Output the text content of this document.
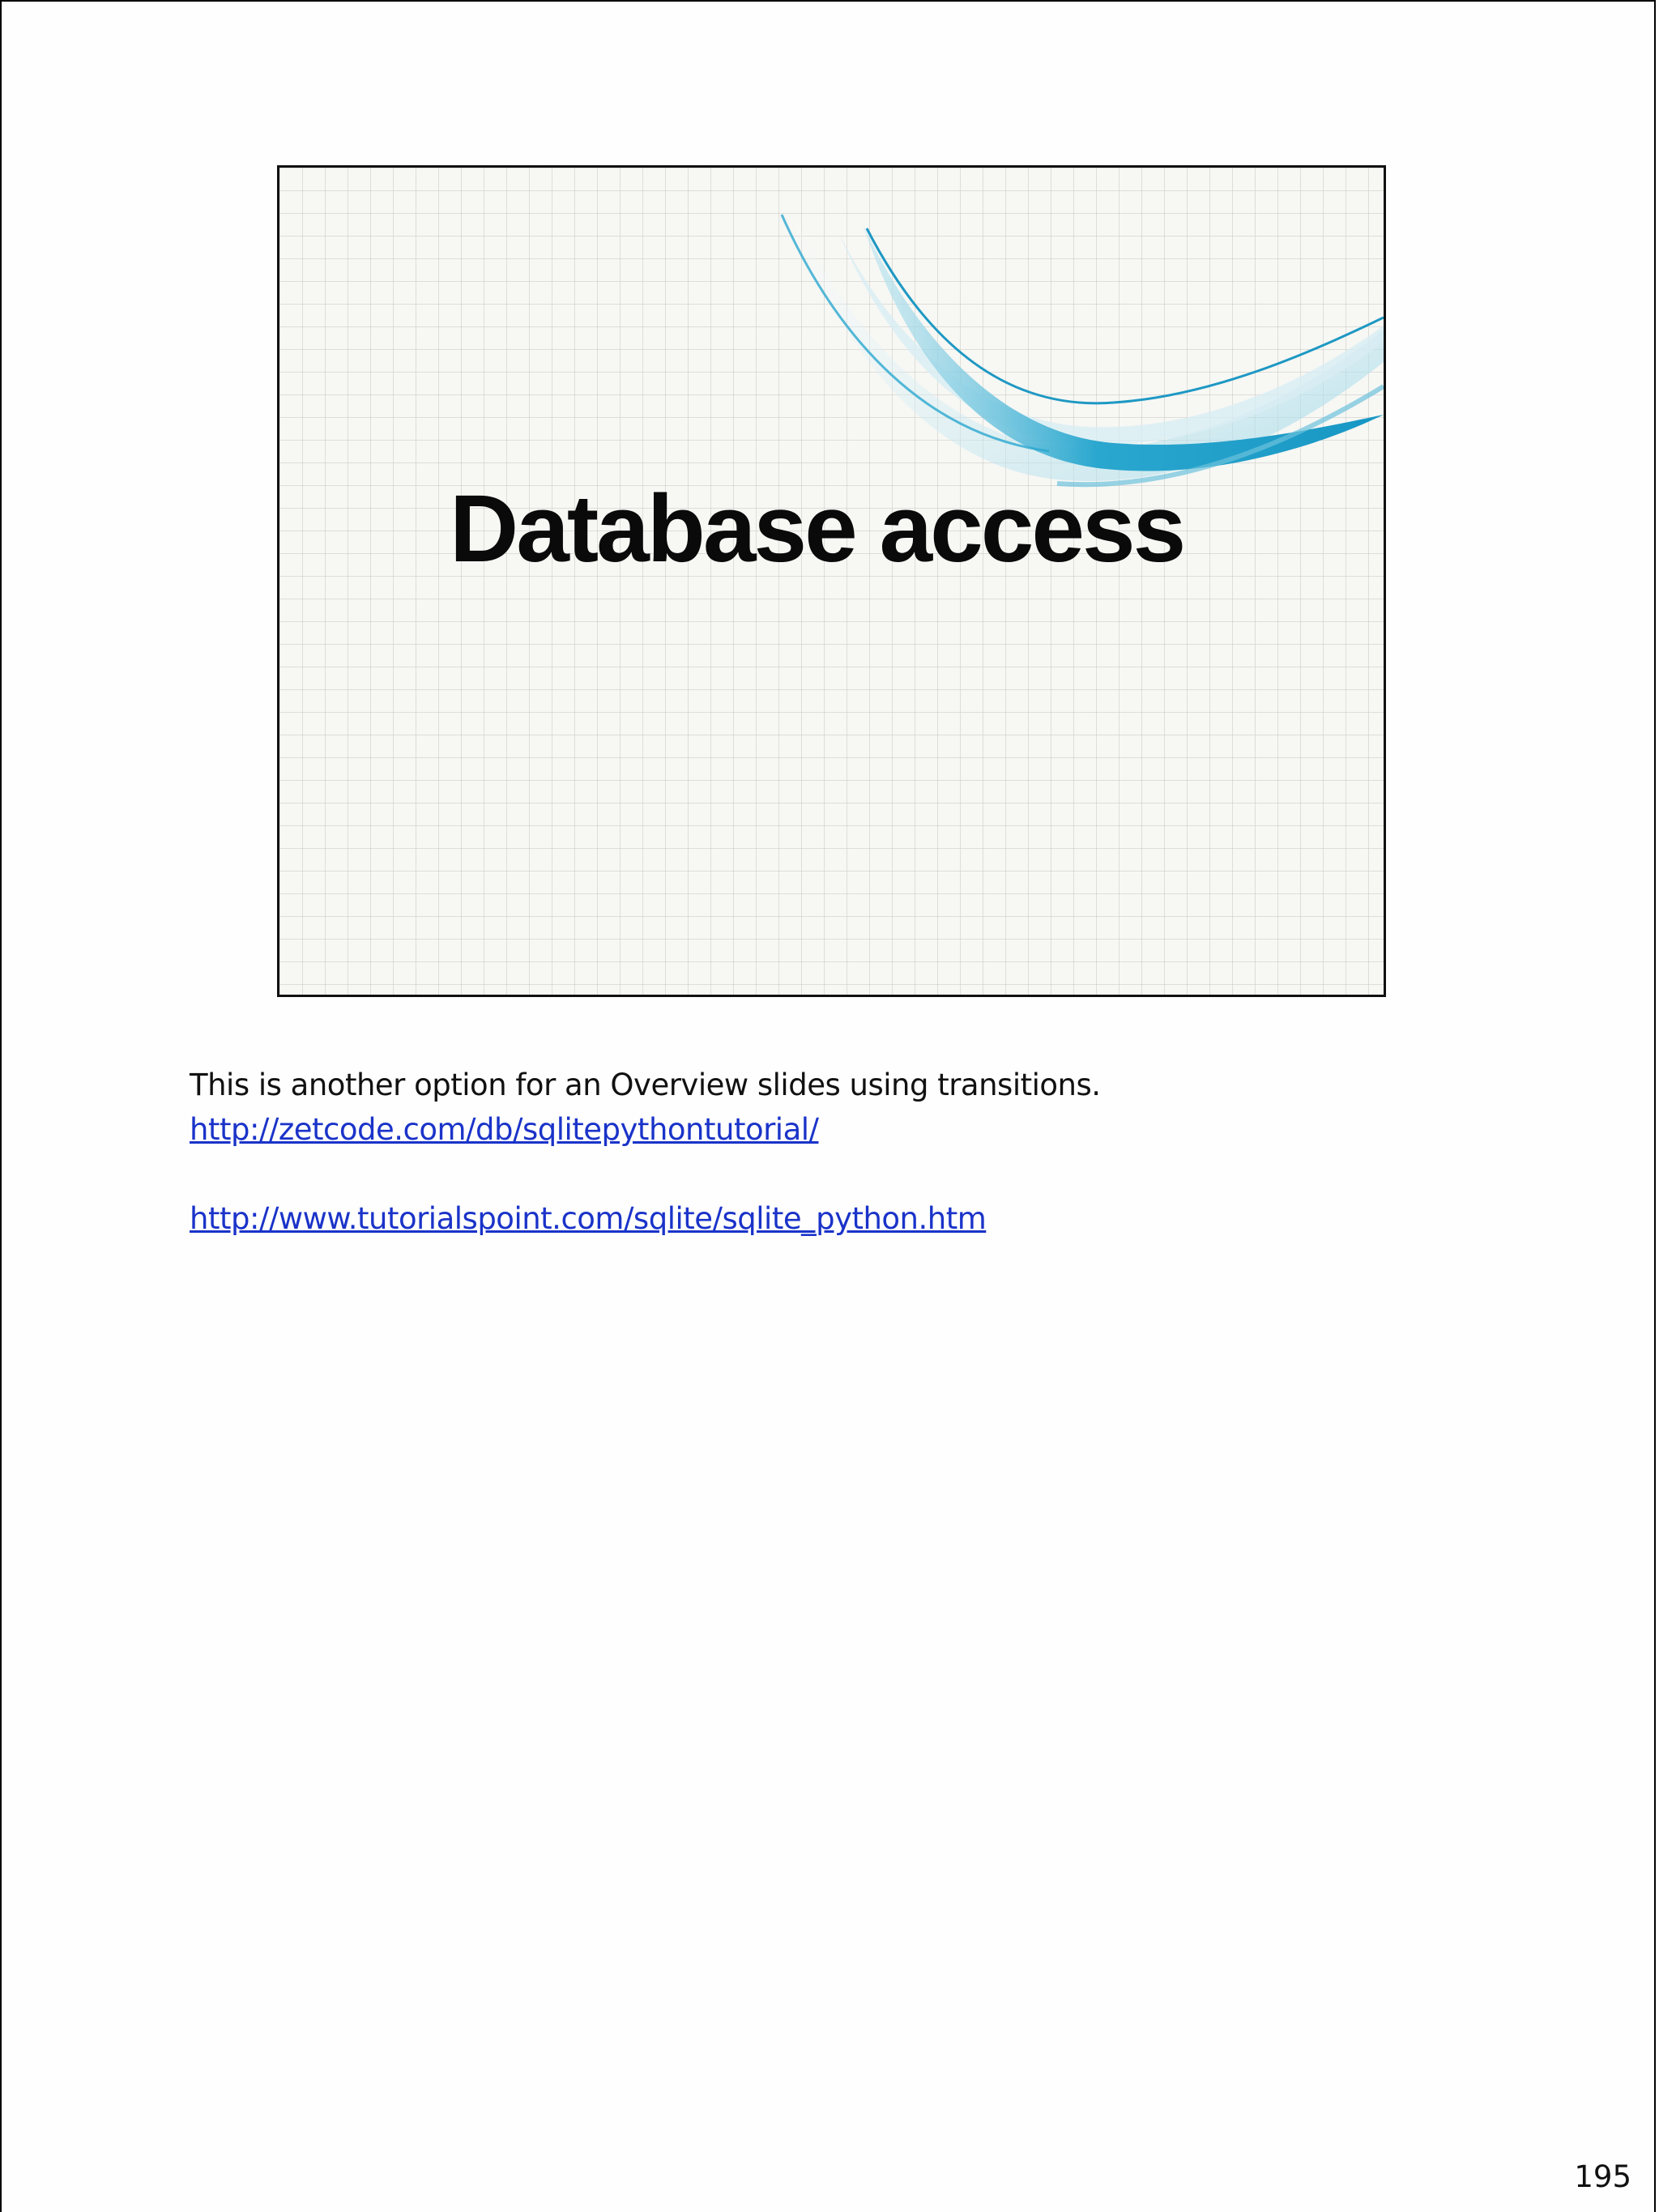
Database access
This is another option for an Overview slides using transitions.
http://zetcode.com/db/sqlitepythontutorial/
http://www.tutorialspoint.com/sqlite/sqlite_python.htm
195
